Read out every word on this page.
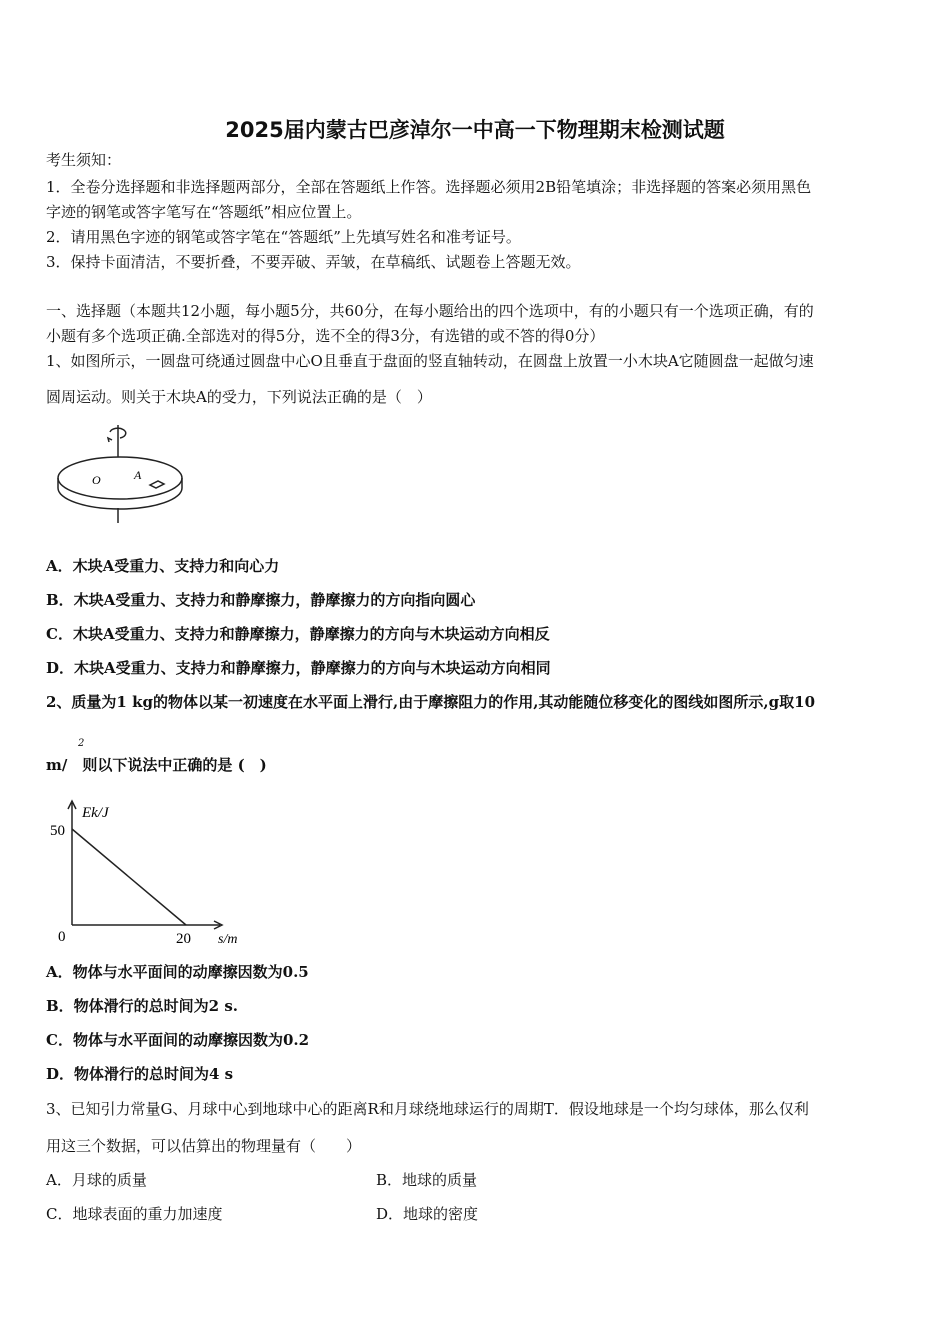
2025届内蒙古巴彦淖尔一中高一下物理期末检测试题
考生须知：
1．全卷分选择题和非选择题两部分，全部在答题纸上作答。选择题必须用2B铅笔填涂；非选择题的答案必须用黑色
字迹的钢笔或答字笔写在“答题纸”相应位置上。
2．请用黑色字迹的钢笔或答字笔在“答题纸”上先填写姓名和准考证号。
3．保持卡面清洁，不要折叠，不要弄破、弄皱，在草稿纸、试题卷上答题无效。
一、选择题（本题共12小题，每小题5分，共60分，在每小题给出的四个选项中，有的小题只有一个选项正确，有的
小题有多个选项正确.全部选对的得5分，选不全的得3分，有选错的或不答的得0分）
1、如图所示，一圆盘可绕通过圆盘中心O且垂直于盘面的竖直轴转动，在圆盘上放置一小木块A它随圆盘一起做匀速
圆周运动。则关于木块A的受力，下列说法正确的是（　）
O	A
A．木块A受重力、支持力和向心力
B．木块A受重力、支持力和静摩擦力，静摩擦力的方向指向圆心
C．木块A受重力、支持力和静摩擦力，静摩擦力的方向与木块运动方向相反
D．木块A受重力、支持力和静摩擦力，静摩擦力的方向与木块运动方向相同
2、质量为1 kg的物体以某一初速度在水平面上滑行,由于摩擦阻力的作用,其动能随位移变化的图线如图所示,g取10
m/　则以下说法中正确的是 (　)
2
Ek/J
50
0	20 s/m
A．物体与水平面间的动摩擦因数为0.5
B．物体滑行的总时间为2 s.
C．物体与水平面间的动摩擦因数为0.2
D．物体滑行的总时间为4 s
3、已知引力常量G、月球中心到地球中心的距离R和月球绕地球运行的周期T．假设地球是一个均匀球体，那么仅利
用这三个数据，可以估算出的物理量有（　　）
A．月球的质量	B．地球的质量
C．地球表面的重力加速度	D．地球的密度
